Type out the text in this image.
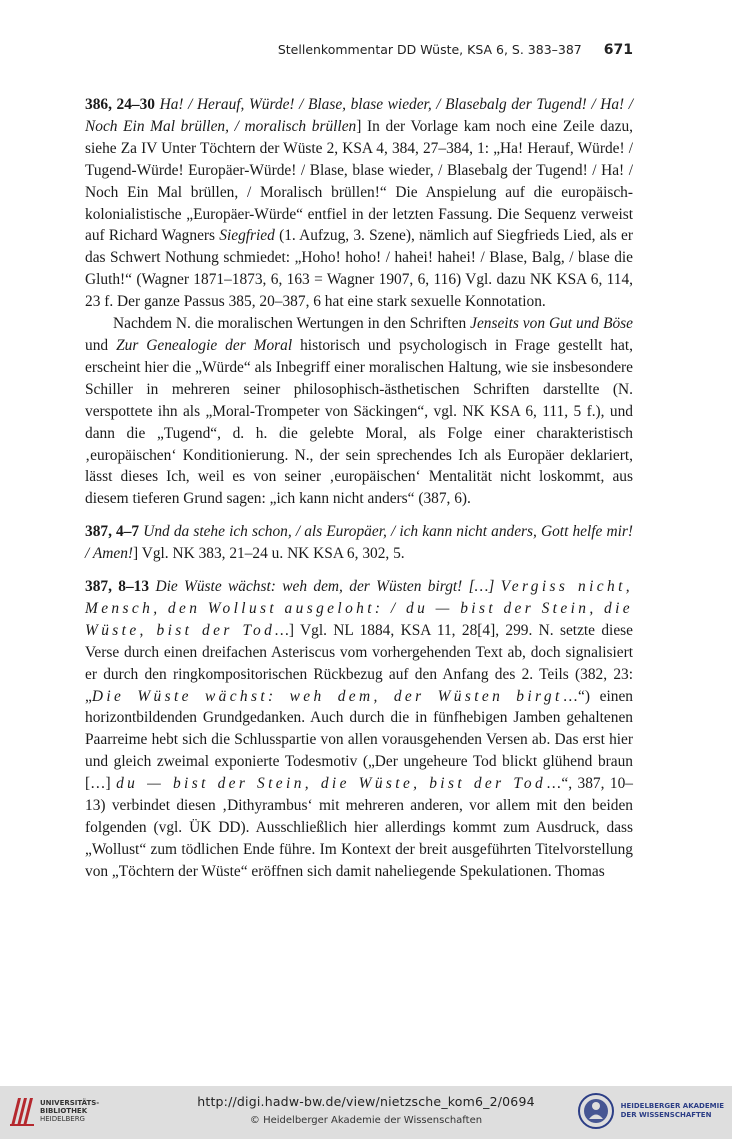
Stellenkommentar DD Wüste, KSA 6, S. 383–387 671

386, 24–30 Ha! / Herauf, Würde! / Blase, blase wieder, / Blasebalg der Tugend! / Ha! / Noch Ein Mal brüllen, / moralisch brüllen] In der Vorlage kam noch eine Zeile dazu, siehe Za IV Unter Töchtern der Wüste 2, KSA 4, 384, 27–384, 1: „Ha! Herauf, Würde! / Tugend-Würde! Europäer-Würde! / Blase, blase wieder, / Blasebalg der Tugend! / Ha! / Noch Ein Mal brüllen, / Moralisch brüllen!“ Die Anspielung auf die europäisch-kolonialistische „Europäer-Würde“ entfiel in der letzten Fassung. Die Sequenz verweist auf Richard Wagners Siegfried (1. Aufzug, 3. Szene), nämlich auf Siegfrieds Lied, als er das Schwert Nothung schmiedet: „Hoho! hoho! / hahei! hahei! / Blase, Balg, / blase die Gluth!“ (Wagner 1871–1873, 6, 163 = Wagner 1907, 6, 116) Vgl. dazu NK KSA 6, 114, 23 f. Der ganze Passus 385, 20–387, 6 hat eine stark sexuelle Konnotation.

Nachdem N. die moralischen Wertungen in den Schriften Jenseits von Gut und Böse und Zur Genealogie der Moral historisch und psychologisch in Frage gestellt hat, erscheint hier die „Würde“ als Inbegriff einer moralischen Haltung, wie sie insbesondere Schiller in mehreren seiner philosophisch-ästhetischen Schriften darstellte (N. verspottete ihn als „Moral-Trompeter von Säckingen“, vgl. NK KSA 6, 111, 5 f.), und dann die „Tugend“, d. h. die gelebte Moral, als Folge einer charakteristisch ‚europäischen‘ Konditionierung. N., der sein sprechendes Ich als Europäer deklariert, lässt dieses Ich, weil es von seiner ‚europäischen‘ Mentalität nicht loskommt, aus diesem tieferen Grund sagen: „ich kann nicht anders“ (387, 6).

387, 4–7 Und da stehe ich schon, / als Europäer, / ich kann nicht anders, Gott helfe mir! / Amen!] Vgl. NK 383, 21–24 u. NK KSA 6, 302, 5.

387, 8–13 Die Wüste wächst: weh dem, der Wüsten birgt! […] Vergiss nicht, Mensch, den Wollust ausgeloht: / du — bist der Stein, die Wüste, bist der Tod…] Vgl. NL 1884, KSA 11, 28[4], 299. N. setzte diese Verse durch einen dreifachen Asteriscus vom vorhergehenden Text ab, doch signalisiert er durch den ringkompositorischen Rückbezug auf den Anfang des 2. Teils (382, 23: „Die Wüste wächst: weh dem, der Wüsten birgt…“) einen horizontbildenden Grundgedanken. Auch durch die in fünfhebigen Jamben gehaltenen Paarreime hebt sich die Schlusspartie von allen vorausgehenden Versen ab. Das erst hier und gleich zweimal exponierte Todesmotiv („Der ungeheure Tod blickt glühend braun […] du — bist der Stein, die Wüste, bist der Tod…“, 387, 10–13) verbindet diesen ‚Dithyrambus‘ mit mehreren anderen, vor allem mit den beiden folgenden (vgl. ÜK DD). Ausschließlich hier allerdings kommt zum Ausdruck, dass „Wollust“ zum tödlichen Ende führe. Im Kontext der breit ausgeführten Titelvorstellung von „Töchtern der Wüste“ eröffnen sich damit naheliegende Spekulationen. Thomas

UNIVERSITÄTS-
BIBLIOTHEK
HEIDELBERG
http://digi.hadw-bw.de/view/nietzsche_kom6_2/0694
© Heidelberger Akademie der Wissenschaften
HEIDELBERGER AKADEMIE
DER WISSENSCHAFTEN
